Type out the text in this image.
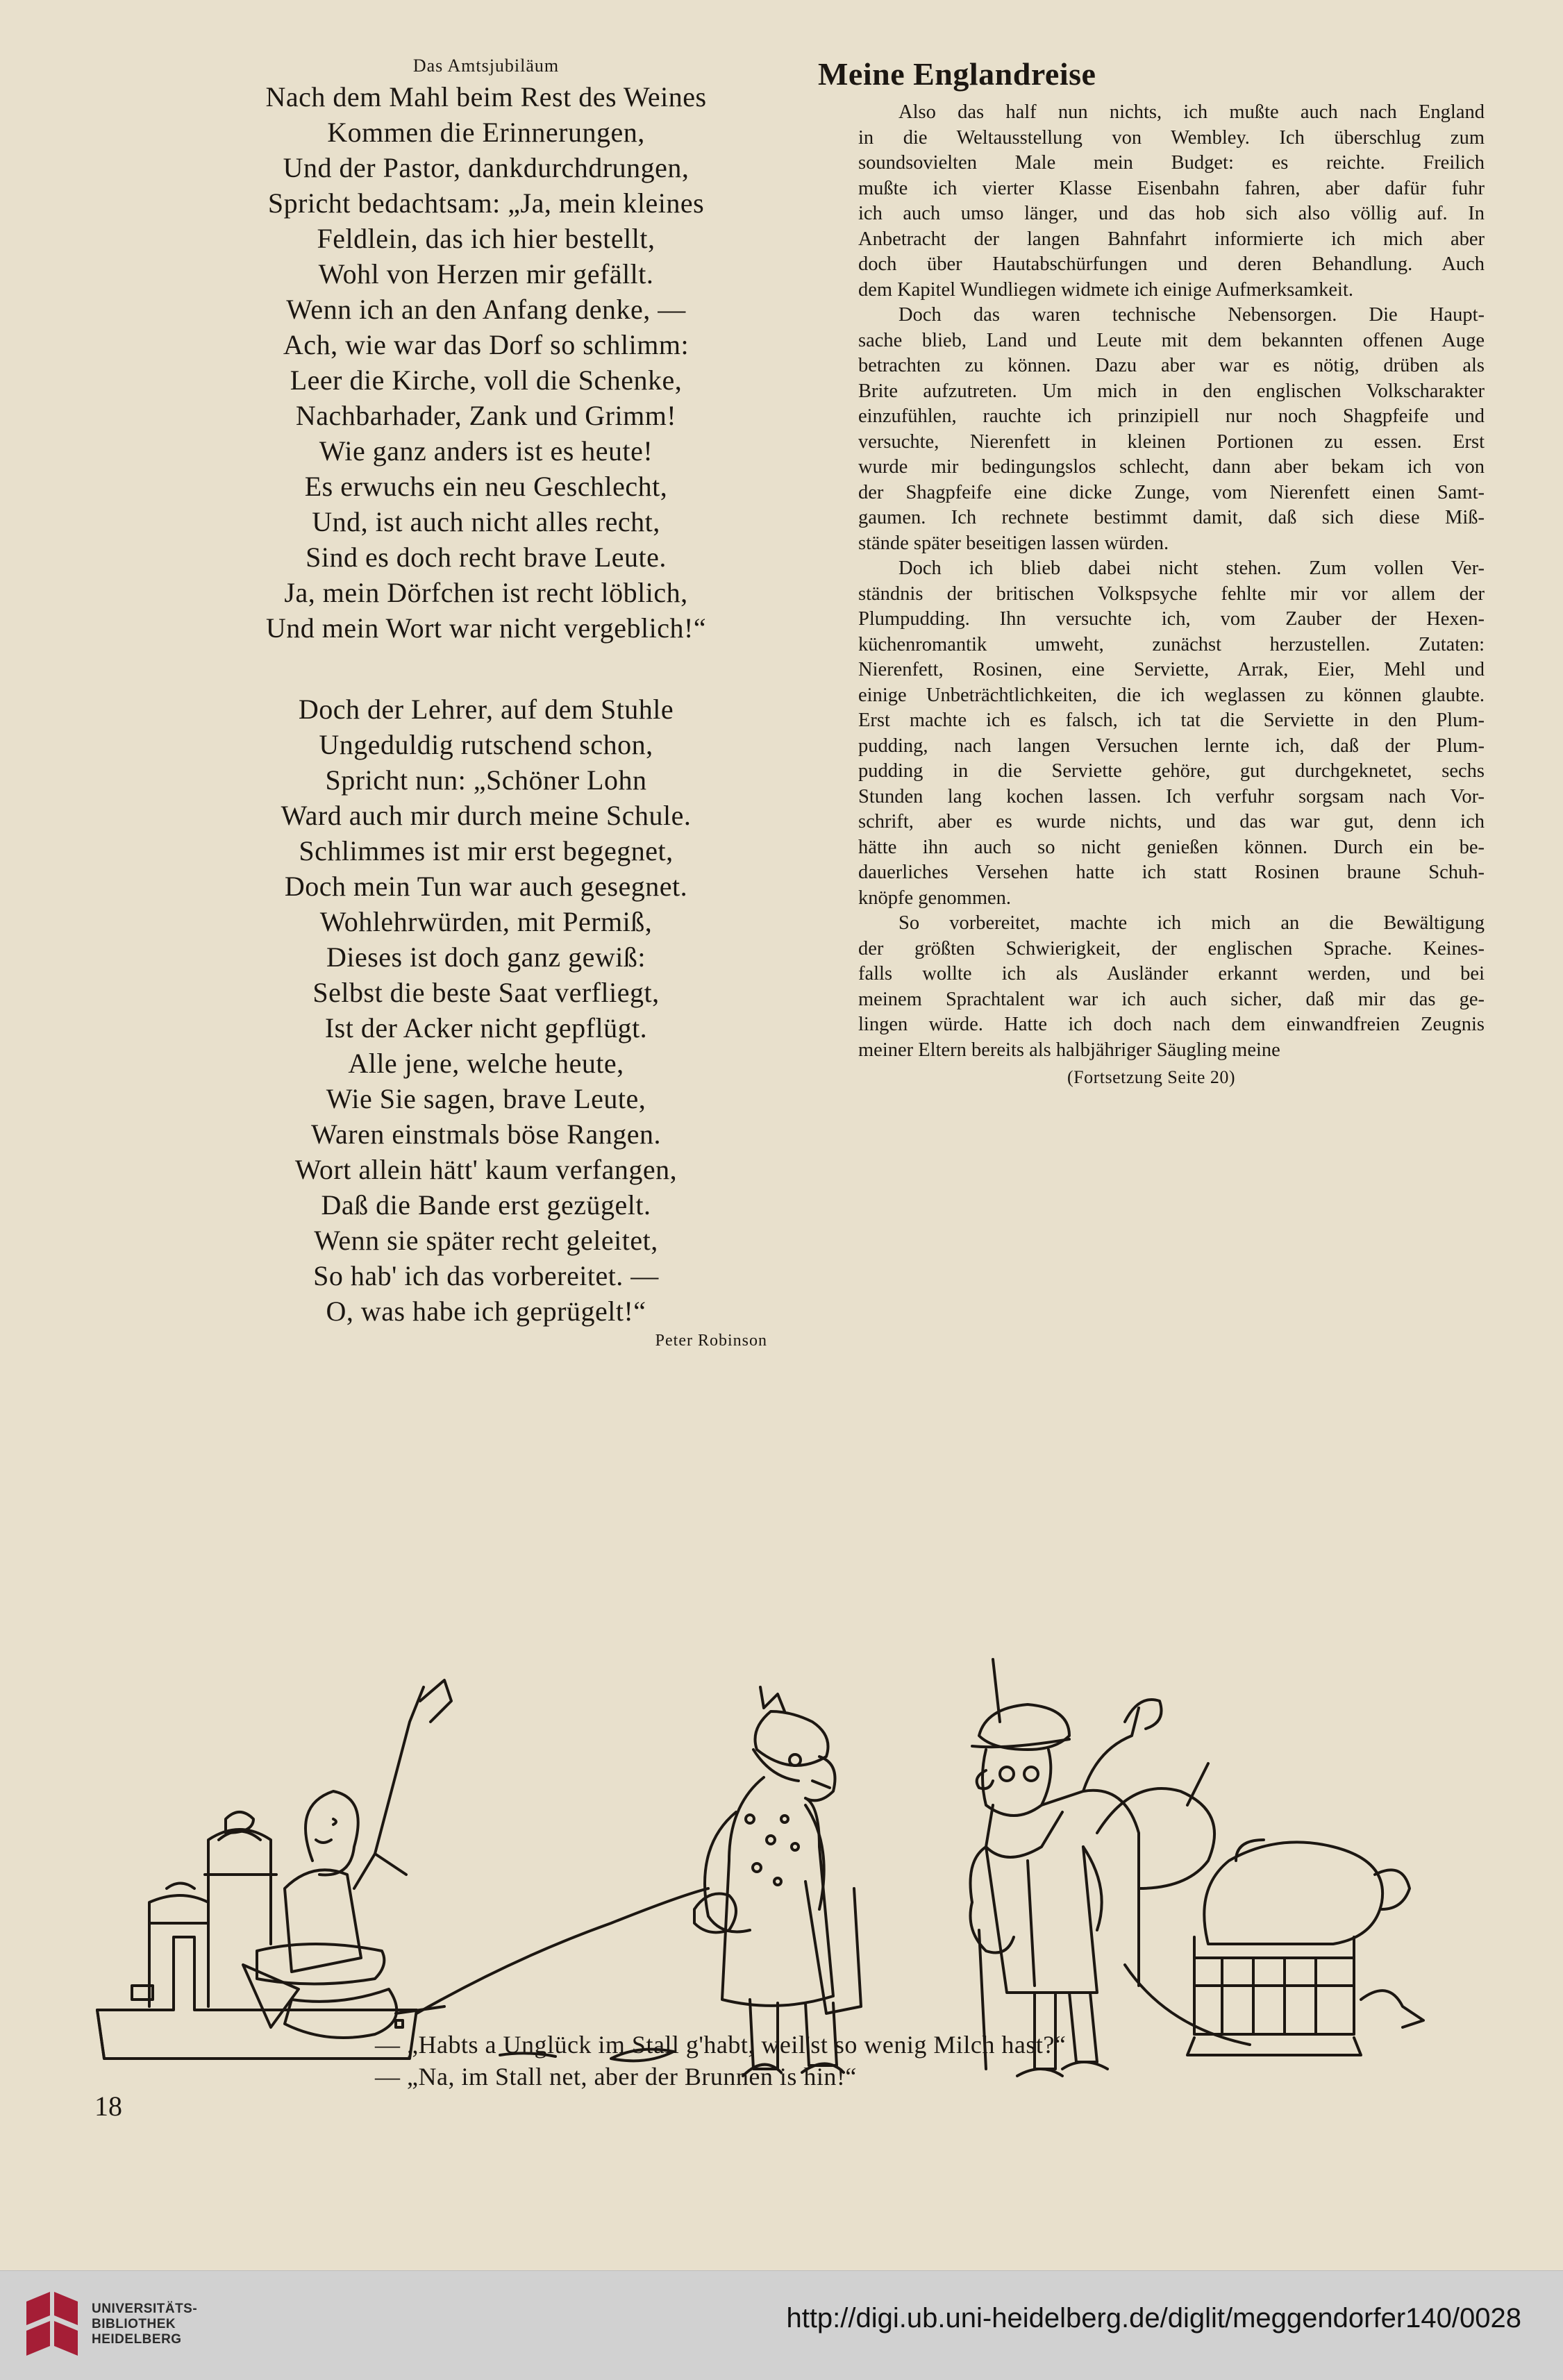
Das Amtsjubiläum
Nach dem Mahl beim Rest des Weines
Kommen die Erinnerungen,
Und der Pastor, dankdurchdrungen,
Spricht bedachtsam: „Ja, mein kleines
Feldlein, das ich hier bestellt,
Wohl von Herzen mir gefällt.
Wenn ich an den Anfang denke, —
Ach, wie war das Dorf so schlimm:
Leer die Kirche, voll die Schenke,
Nachbarhader, Zank und Grimm!
Wie ganz anders ist es heute!
Es erwuchs ein neu Geschlecht,
Und, ist auch nicht alles recht,
Sind es doch recht brave Leute.
Ja, mein Dörfchen ist recht löblich,
Und mein Wort war nicht vergeblich!“
Doch der Lehrer, auf dem Stuhle
Ungeduldig rutschend schon,
Spricht nun: „Schöner Lohn
Ward auch mir durch meine Schule.
Schlimmes ist mir erst begegnet,
Doch mein Tun war auch gesegnet.
Wohlehrwürden, mit Permiß,
Dieses ist doch ganz gewiß:
Selbst die beste Saat verfliegt,
Ist der Acker nicht gepflügt.
Alle jene, welche heute,
Wie Sie sagen, brave Leute,
Waren einstmals böse Rangen.
Wort allein hätt' kaum verfangen,
Daß die Bande erst gezügelt.
Wenn sie später recht geleitet,
So hab' ich das vorbereitet. —
O, was habe ich geprügelt!“
Peter Robinson
Meine Englandreise
Also das half nun nichts, ich mußte auch nach England
in die Weltausstellung von Wembley. Ich überschlug zum
soundsovielten Male mein Budget: es reichte. Freilich
mußte ich vierter Klasse Eisenbahn fahren, aber dafür fuhr
ich auch umso länger, und das hob sich also völlig auf. In
Anbetracht der langen Bahnfahrt informierte ich mich aber
doch über Hautabschürfungen und deren Behandlung. Auch
dem Kapitel Wundliegen widmete ich einige Aufmerksamkeit.
Doch das waren technische Nebensorgen. Die Haupt-
sache blieb, Land und Leute mit dem bekannten offenen Auge
betrachten zu können. Dazu aber war es nötig, drüben als
Brite aufzutreten. Um mich in den englischen Volkscharakter
einzufühlen, rauchte ich prinzipiell nur noch Shagpfeife und
versuchte, Nierenfett in kleinen Portionen zu essen. Erst
wurde mir bedingungslos schlecht, dann aber bekam ich von
der Shagpfeife eine dicke Zunge, vom Nierenfett einen Samt-
gaumen. Ich rechnete bestimmt damit, daß sich diese Miß-
stände später beseitigen lassen würden.
Doch ich blieb dabei nicht stehen. Zum vollen Ver-
ständnis der britischen Volkspsyche fehlte mir vor allem der
Plumpudding. Ihn versuchte ich, vom Zauber der Hexen-
küchenromantik umweht, zunächst herzustellen. Zutaten:
Nierenfett, Rosinen, eine Serviette, Arrak, Eier, Mehl und
einige Unbeträchtlichkeiten, die ich weglassen zu können glaubte.
Erst machte ich es falsch, ich tat die Serviette in den Plum-
pudding, nach langen Versuchen lernte ich, daß der Plum-
pudding in die Serviette gehöre, gut durchgeknetet, sechs
Stunden lang kochen lassen. Ich verfuhr sorgsam nach Vor-
schrift, aber es wurde nichts, und das war gut, denn ich
hätte ihn auch so nicht genießen können. Durch ein be-
dauerliches Versehen hatte ich statt Rosinen braune Schuh-
knöpfe genommen.
So vorbereitet, machte ich mich an die Bewältigung
der größten Schwierigkeit, der englischen Sprache. Keines-
falls wollte ich als Ausländer erkannt werden, und bei
meinem Sprachtalent war ich auch sicher, daß mir das ge-
lingen würde. Hatte ich doch nach dem einwandfreien Zeugnis
meiner Eltern bereits als halbjähriger Säugling meine
(Fortsetzung Seite 20)
— „Habts a Unglück im Stall g'habt, weil'st so wenig Milch hast?“
— „Na, im Stall net, aber der Brunnen is hin!“
18
UNIVERSITÄTS-
BIBLIOTHEK
HEIDELBERG
http://digi.ub.uni-heidelberg.de/diglit/meggendorfer140/0028
